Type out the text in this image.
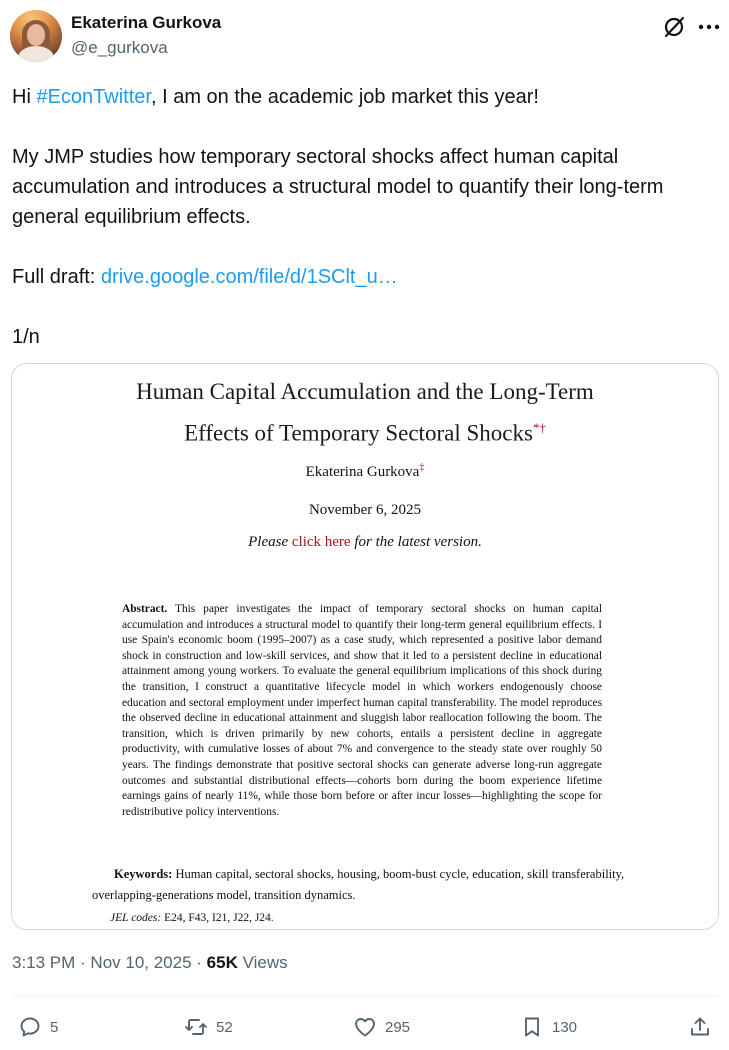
Ekaterina Gurkova
@e_gurkova

Hi #EconTwitter, I am on the academic job market this year!

My JMP studies how temporary sectoral shocks affect human capital accumulation and introduces a structural model to quantify their long-term general equilibrium effects.

Full draft: drive.google.com/file/d/1SClt_u…

1/n

Human Capital Accumulation and the Long-Term
Effects of Temporary Sectoral Shocks*†
Ekaterina Gurkova‡
November 6, 2025
Please click here for the latest version.
Abstract. This paper investigates the impact of temporary sectoral shocks on human capital accumulation and introduces a structural model to quantify their long-term general equilibrium effects. I use Spain's economic boom (1995–2007) as a case study, which represented a positive labor demand shock in construction and low-skill services, and show that it led to a persistent decline in educational attainment among young workers. To evaluate the general equilibrium implications of this shock during the transition, I construct a quantitative lifecycle model in which workers endogenously choose education and sectoral employment under imperfect human capital transferability. The model reproduces the observed decline in educational attainment and sluggish labor reallocation following the boom. The transition, which is driven primarily by new cohorts, entails a persistent decline in aggregate productivity, with cumulative losses of about 7% and convergence to the steady state over roughly 50 years. The findings demonstrate that positive sectoral shocks can generate adverse long-run aggregate outcomes and substantial distributional effects—cohorts born during the boom experience lifetime earnings gains of nearly 11%, while those born before or after incur losses—highlighting the scope for redistributive policy interventions.
Keywords: Human capital, sectoral shocks, housing, boom-bust cycle, education, skill transferability, overlapping-generations model, transition dynamics.
JEL codes: E24, F43, I21, J22, J24.
3:13 PM · Nov 10, 2025 · 65K Views
5	52	295	130
